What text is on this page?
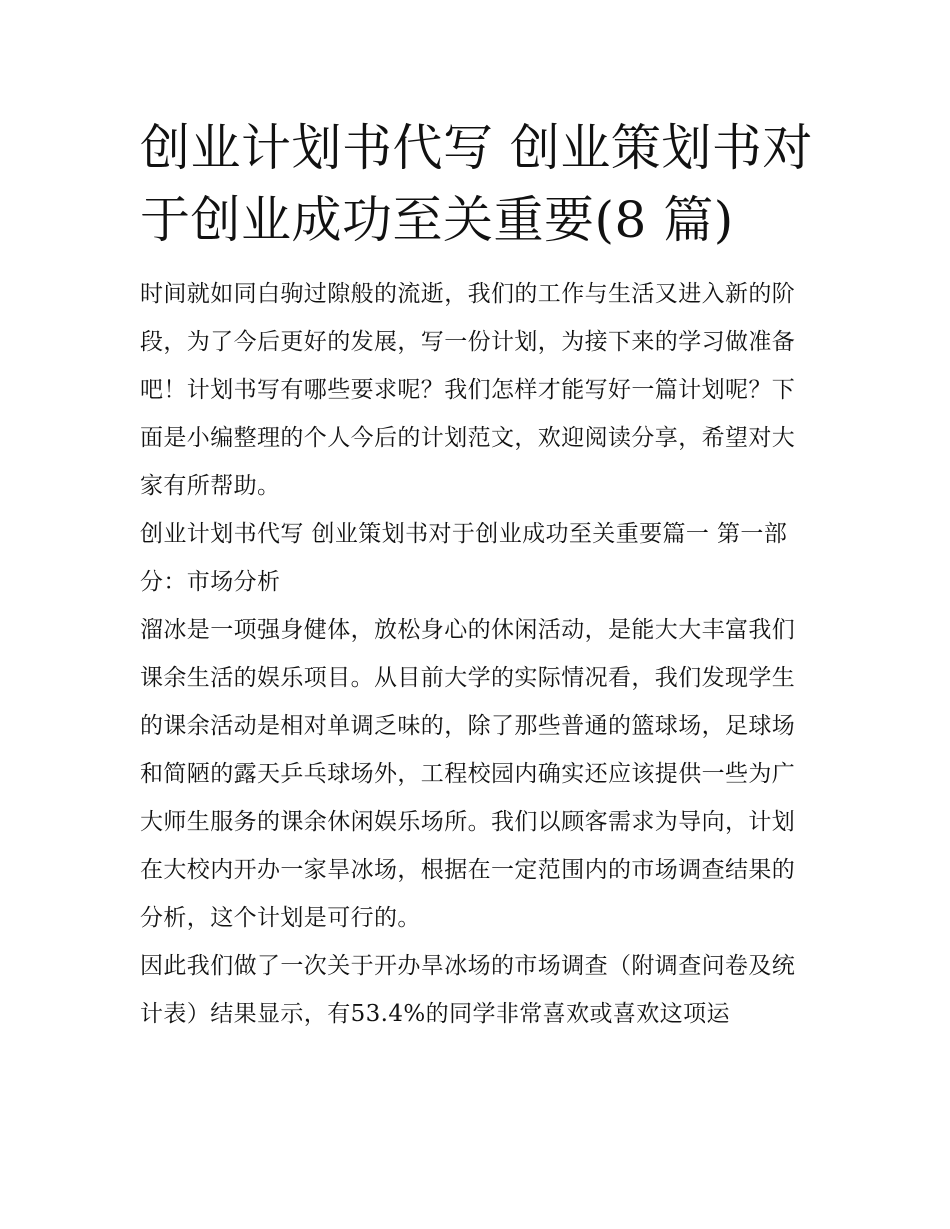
创业计划书代写 创业策划书对于创业成功至关重要(8 篇)

时间就如同白驹过隙般的流逝，我们的工作与生活又进入新的阶段，为了今后更好的发展，写一份计划，为接下来的学习做准备吧！计划书写有哪些要求呢？我们怎样才能写好一篇计划呢？下面是小编整理的个人今后的计划范文，欢迎阅读分享，希望对大家有所帮助。

创业计划书代写 创业策划书对于创业成功至关重要篇一 第一部分：市场分析

溜冰是一项强身健体，放松身心的休闲活动，是能大大丰富我们课余生活的娱乐项目。从目前大学的实际情况看，我们发现学生的课余活动是相对单调乏味的，除了那些普通的篮球场，足球场和简陋的露天乒乓球场外，工程校园内确实还应该提供一些为广大师生服务的课余休闲娱乐场所。我们以顾客需求为导向，计划在大校内开办一家旱冰场，根据在一定范围内的市场调查结果的分析，这个计划是可行的。

因此我们做了一次关于开办旱冰场的市场调查（附调查问卷及统计表）结果显示，有53.4%的同学非常喜欢或喜欢这项运
